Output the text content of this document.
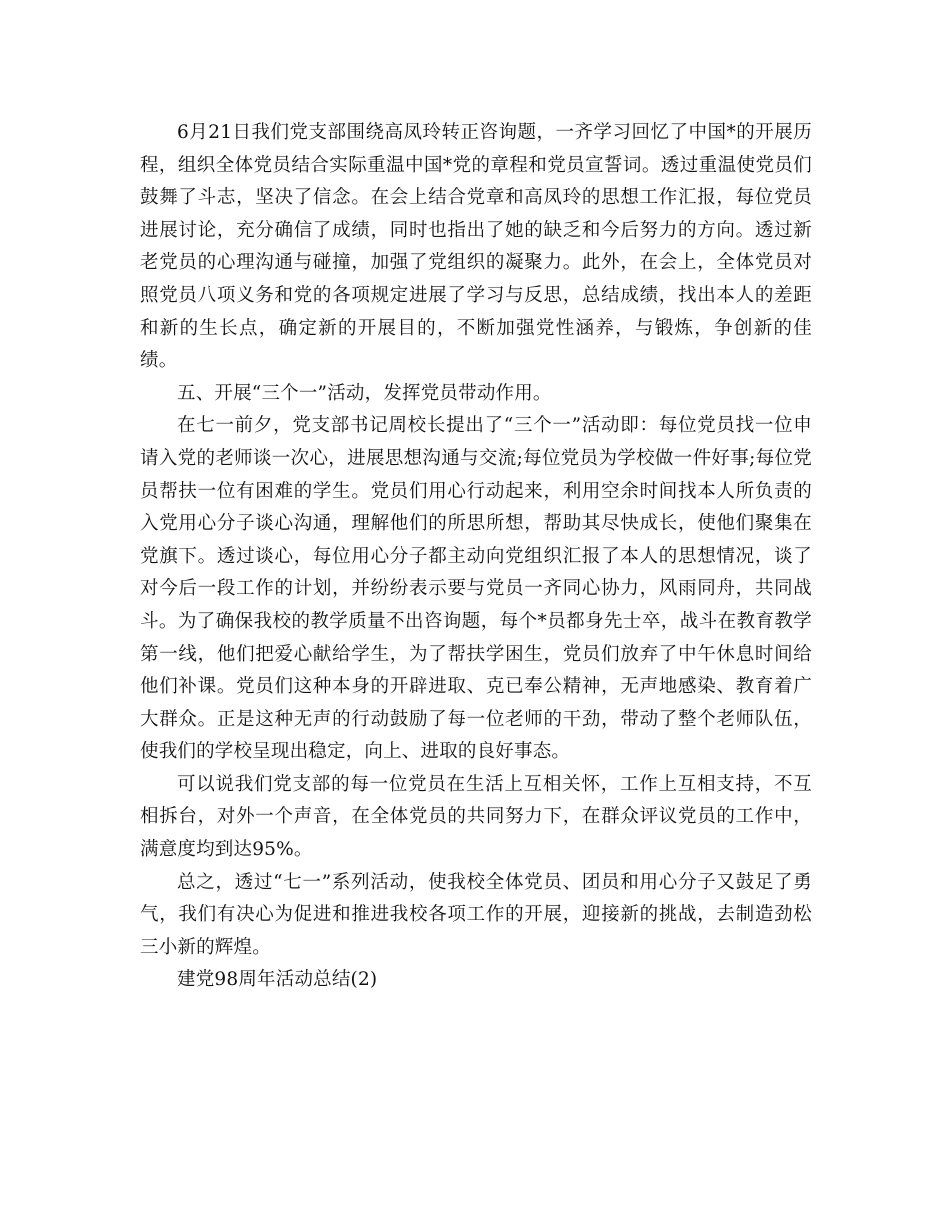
6月21日我们党支部围绕高凤玲转正咨询题，一齐学习回忆了中国*的开展历程，组织全体党员结合实际重温中国*党的章程和党员宣誓词。透过重温使党员们鼓舞了斗志，坚决了信念。在会上结合党章和高凤玲的思想工作汇报，每位党员进展讨论，充分确信了成绩，同时也指出了她的缺乏和今后努力的方向。透过新老党员的心理沟通与碰撞，加强了党组织的凝聚力。此外，在会上，全体党员对照党员八项义务和党的各项规定进展了学习与反思，总结成绩，找出本人的差距和新的生长点，确定新的开展目的，不断加强党性涵养，与锻炼，争创新的佳绩。

五、开展“三个一”活动，发挥党员带动作用。

在七一前夕，党支部书记周校长提出了“三个一”活动即：每位党员找一位申请入党的老师谈一次心，进展思想沟通与交流;每位党员为学校做一件好事;每位党员帮扶一位有困难的学生。党员们用心行动起来，利用空余时间找本人所负责的入党用心分子谈心沟通，理解他们的所思所想，帮助其尽快成长，使他们聚集在党旗下。透过谈心，每位用心分子都主动向党组织汇报了本人的思想情况，谈了对今后一段工作的计划，并纷纷表示要与党员一齐同心协力，风雨同舟，共同战斗。为了确保我校的教学质量不出咨询题，每个*员都身先士卒，战斗在教育教学第一线，他们把爱心献给学生，为了帮扶学困生，党员们放弃了中午休息时间给他们补课。党员们这种本身的开辟进取、克已奉公精神，无声地感染、教育着广大群众。正是这种无声的行动鼓励了每一位老师的干劲，带动了整个老师队伍，使我们的学校呈现出稳定，向上、进取的良好事态。

可以说我们党支部的每一位党员在生活上互相关怀，工作上互相支持，不互相拆台，对外一个声音，在全体党员的共同努力下，在群众评议党员的工作中，满意度均到达95%。

总之，透过“七一”系列活动，使我校全体党员、团员和用心分子又鼓足了勇气，我们有决心为促进和推进我校各项工作的开展，迎接新的挑战，去制造劲松三小新的辉煌。

建党98周年活动总结(2)
